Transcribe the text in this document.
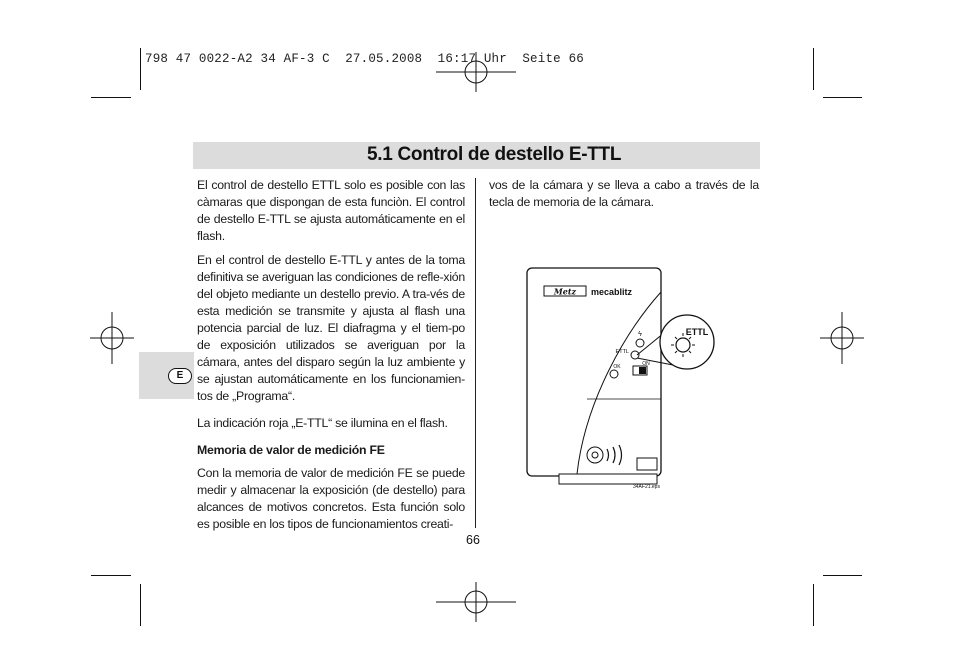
798 47 0022-A2 34 AF-3 C  27.05.2008  16:17 Uhr  Seite 66
5.1 Control de destello E-TTL
E

El control de destello ETTL solo es posible con las càmaras que dispongan de esta funciòn. El control de destello E-TTL se ajusta automáticamente en el flash.

En el control de destello E-TTL y antes de la toma definitiva se averiguan las condiciones de refle-xión del objeto mediante un destello previo. A tra-vés de esta medición se transmite y ajusta al flash una potencia parcial de luz. El diafragma y el tiem-po de exposición utilizados se averiguan por la cámara, antes del disparo según la luz ambiente y se ajustan automáticamente en los funcionamien-tos de „Programa“.

La indicación roja „E-TTL“ se ilumina en el flash.

Memoria de valor de medición FE

Con la memoria de valor de medición FE se puede medir y almacenar la exposición (de destello) para alcances de motivos concretos. Esta función solo es posible en los tipos de funcionamientos creati-

vos de la cámara y se lleva a cabo a través de la tecla de memoria de la cámara.

Metz mecablitz
ϟ
ETTL
OK	ON
ETTL
34AF21.eps
66
